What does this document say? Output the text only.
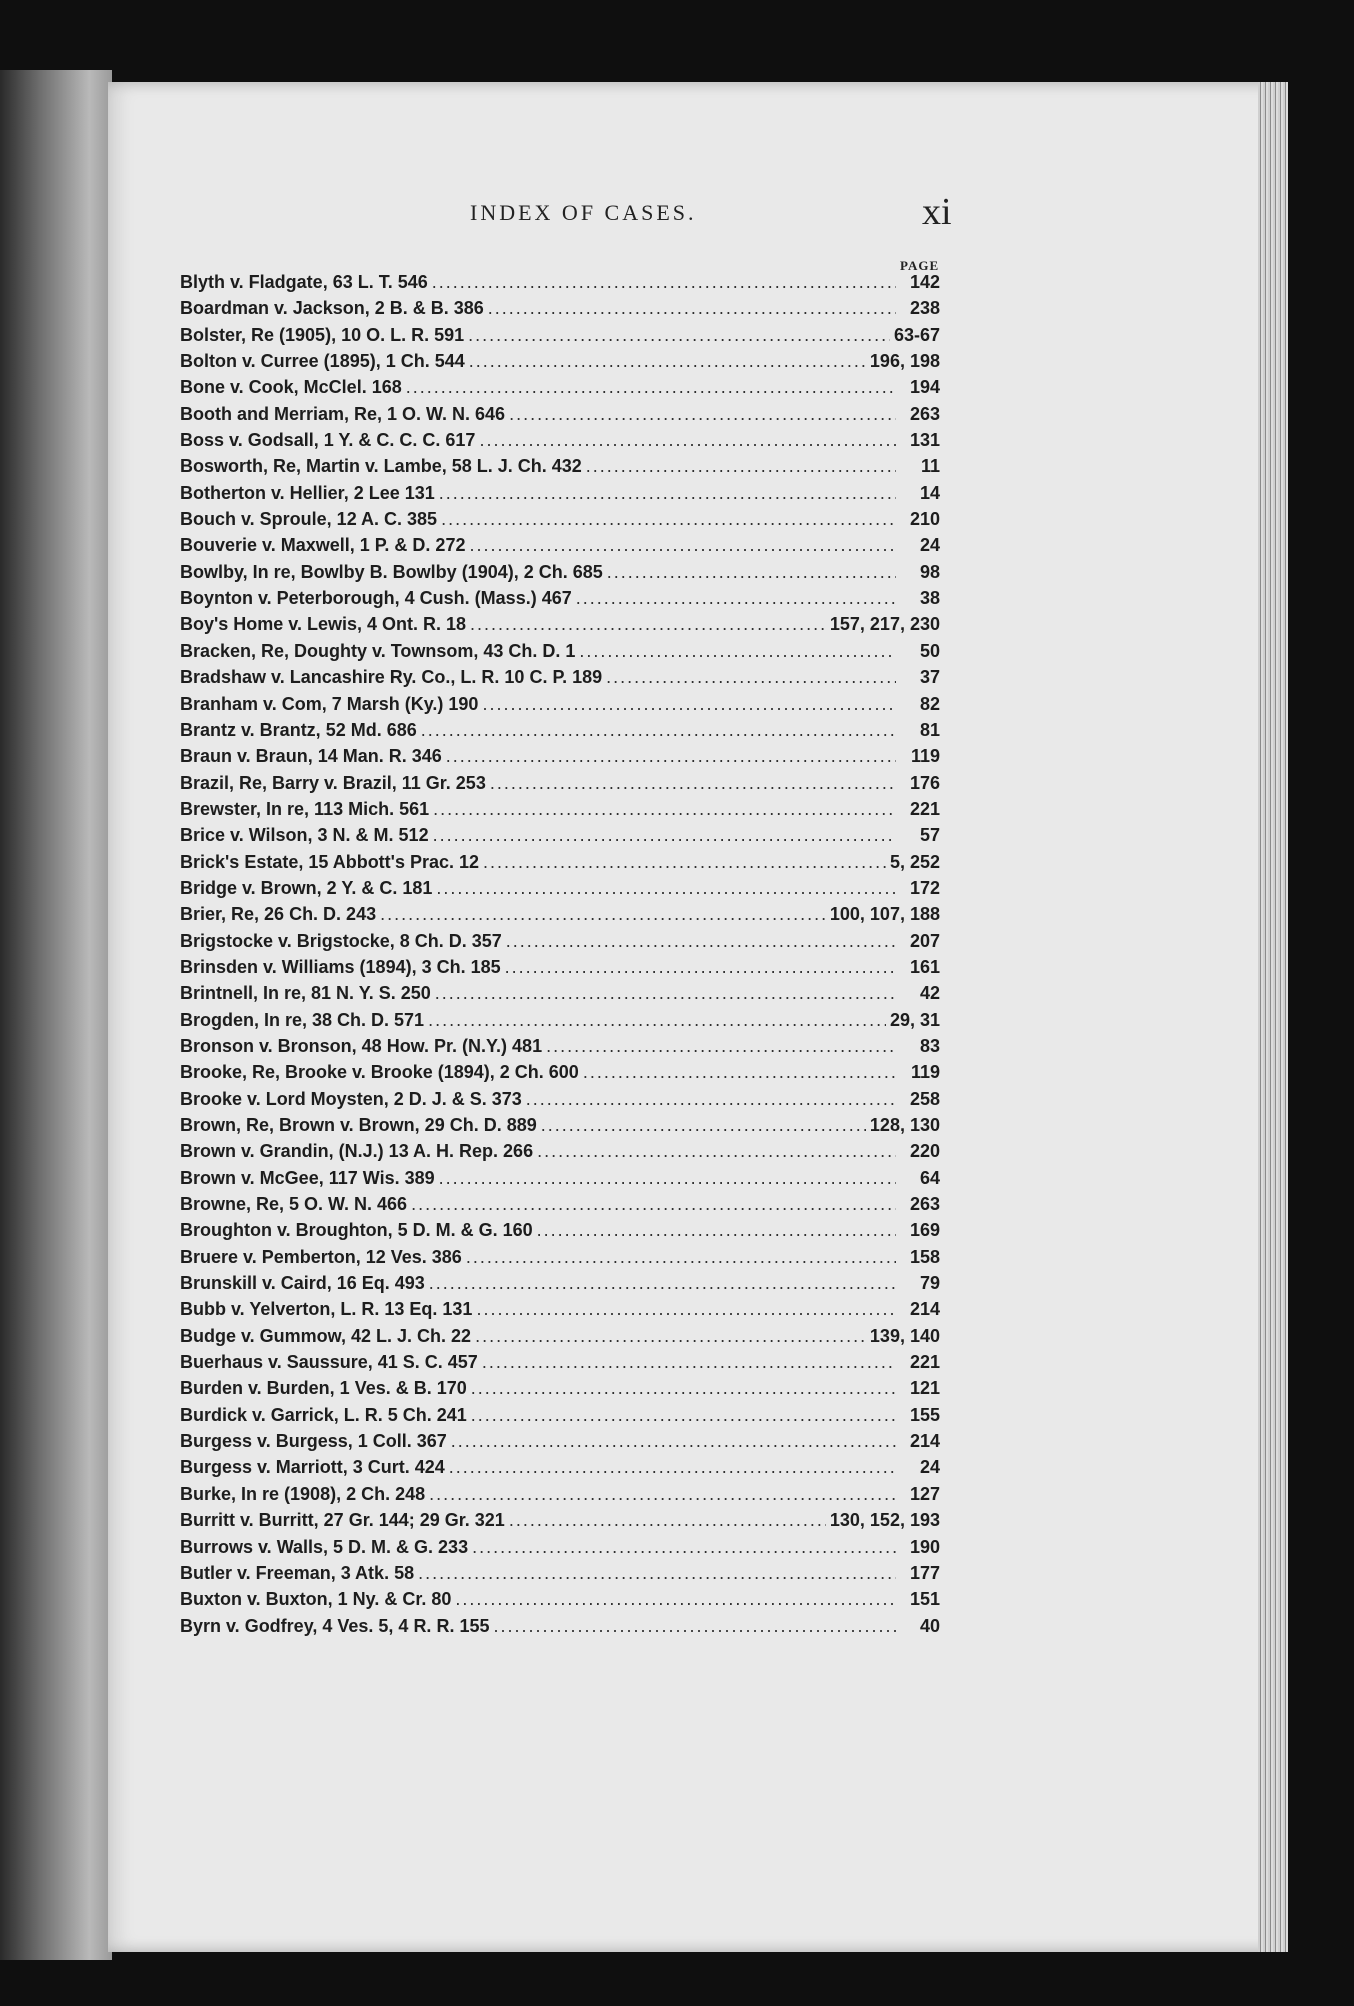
INDEX OF CASES.	xi
PAGE
Blyth v. Fladgate, 63 L. T. 546 .....	142
Boardman v. Jackson, 2 B. & B. 386 .....	238
Bolster, Re (1905), 10 O. L. R. 591 .....	63-67
Bolton v. Curree (1895), 1 Ch. 544 .....	196, 198
Bone v. Cook, McClel. 168 .....	194
Booth and Merriam, Re, 1 O. W. N. 646 .....	263
Boss v. Godsall, 1 Y. & C. C. C. 617 .....	131
Bosworth, Re, Martin v. Lambe, 58 L. J. Ch. 432 .....	11
Botherton v. Hellier, 2 Lee 131 .....	14
Bouch v. Sproule, 12 A. C. 385 .....	210
Bouverie v. Maxwell, 1 P. & D. 272 .....	24
Bowlby, In re, Bowlby B. Bowlby (1904), 2 Ch. 685 .....	98
Boynton v. Peterborough, 4 Cush. (Mass.) 467 .....	38
Boy's Home v. Lewis, 4 Ont. R. 18 .....	157, 217, 230
Bracken, Re, Doughty v. Townsom, 43 Ch. D. 1 .....	50
Bradshaw v. Lancashire Ry. Co., L. R. 10 C. P. 189 .....	37
Branham v. Com, 7 Marsh (Ky.) 190 .....	82
Brantz v. Brantz, 52 Md. 686 .....	81
Braun v. Braun, 14 Man. R. 346 .....	119
Brazil, Re, Barry v. Brazil, 11 Gr. 253 .....	176
Brewster, In re, 113 Mich. 561 .....	221
Brice v. Wilson, 3 N. & M. 512 .....	57
Brick's Estate, 15 Abbott's Prac. 12 .....	5, 252
Bridge v. Brown, 2 Y. & C. 181 .....	172
Brier, Re, 26 Ch. D. 243 .....	100, 107, 188
Brigstocke v. Brigstocke, 8 Ch. D. 357 .....	207
Brinsden v. Williams (1894), 3 Ch. 185 .....	161
Brintnell, In re, 81 N. Y. S. 250 .....	42
Brogden, In re, 38 Ch. D. 571 .....	29, 31
Bronson v. Bronson, 48 How. Pr. (N.Y.) 481 .....	83
Brooke, Re, Brooke v. Brooke (1894), 2 Ch. 600 .....	119
Brooke v. Lord Moysten, 2 D. J. & S. 373 .....	258
Brown, Re, Brown v. Brown, 29 Ch. D. 889 .....	128, 130
Brown v. Grandin, (N.J.) 13 A. H. Rep. 266 .....	220
Brown v. McGee, 117 Wis. 389 .....	64
Browne, Re, 5 O. W. N. 466 .....	263
Broughton v. Broughton, 5 D. M. & G. 160 .....	169
Bruere v. Pemberton, 12 Ves. 386 .....	158
Brunskill v. Caird, 16 Eq. 493 .....	79
Bubb v. Yelverton, L. R. 13 Eq. 131 .....	214
Budge v. Gummow, 42 L. J. Ch. 22 .....	139, 140
Buerhaus v. Saussure, 41 S. C. 457 .....	221
Burden v. Burden, 1 Ves. & B. 170 .....	121
Burdick v. Garrick, L. R. 5 Ch. 241 .....	155
Burgess v. Burgess, 1 Coll. 367 .....	214
Burgess v. Marriott, 3 Curt. 424 .....	24
Burke, In re (1908), 2 Ch. 248 .....	127
Burritt v. Burritt, 27 Gr. 144; 29 Gr. 321 .....	130, 152, 193
Burrows v. Walls, 5 D. M. & G. 233 .....	190
Butler v. Freeman, 3 Atk. 58 .....	177
Buxton v. Buxton, 1 Ny. & Cr. 80 .....	151
Byrn v. Godfrey, 4 Ves. 5, 4 R. R. 155 .....	40
